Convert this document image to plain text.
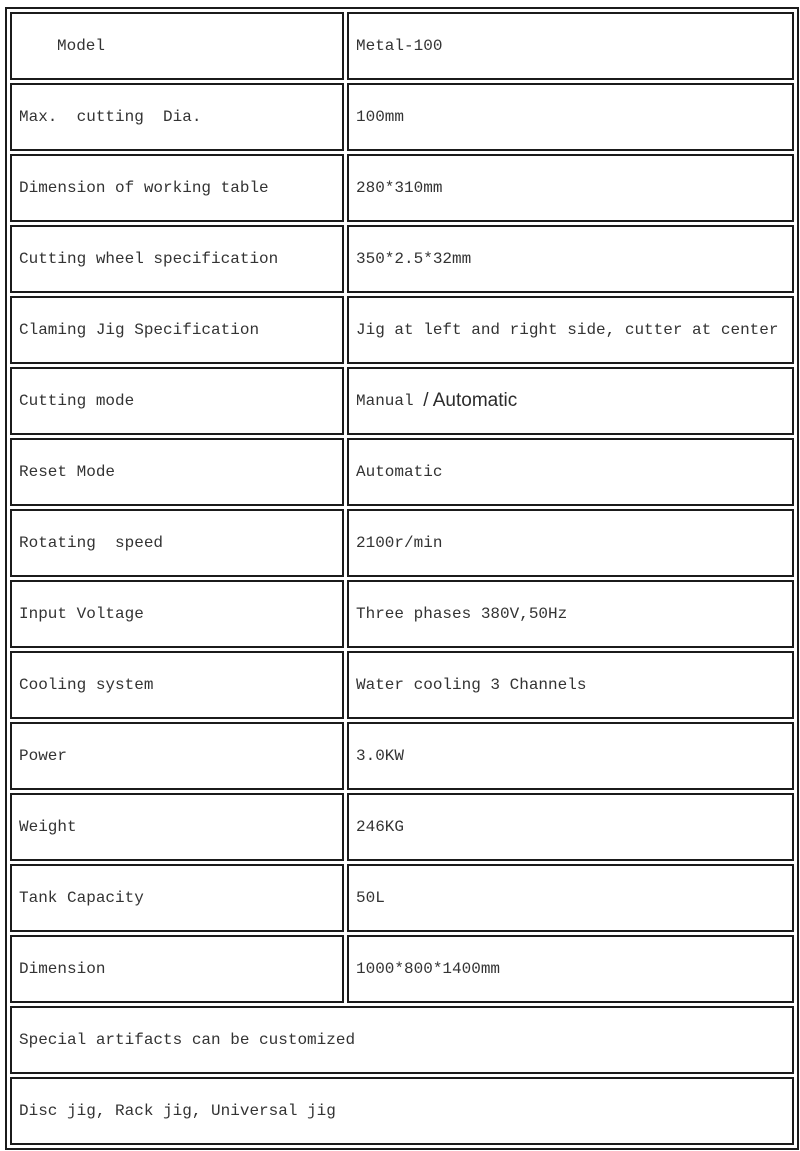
Model	Metal-100
Max.  cutting  Dia.	100mm
Dimension of working table	280*310mm
Cutting wheel specification	350*2.5*32mm
Claming Jig Specification	Jig at left and right side, cutter at center
Cutting mode	Manual / Automatic
Reset Mode	Automatic
Rotating  speed	2100r/min
Input Voltage	Three phases 380V,50Hz
Cooling system	Water cooling 3 Channels
Power	3.0KW
Weight	246KG
Tank Capacity	50L
Dimension	1000*800*1400mm
Special artifacts can be customized
Disc jig, Rack jig, Universal jig
